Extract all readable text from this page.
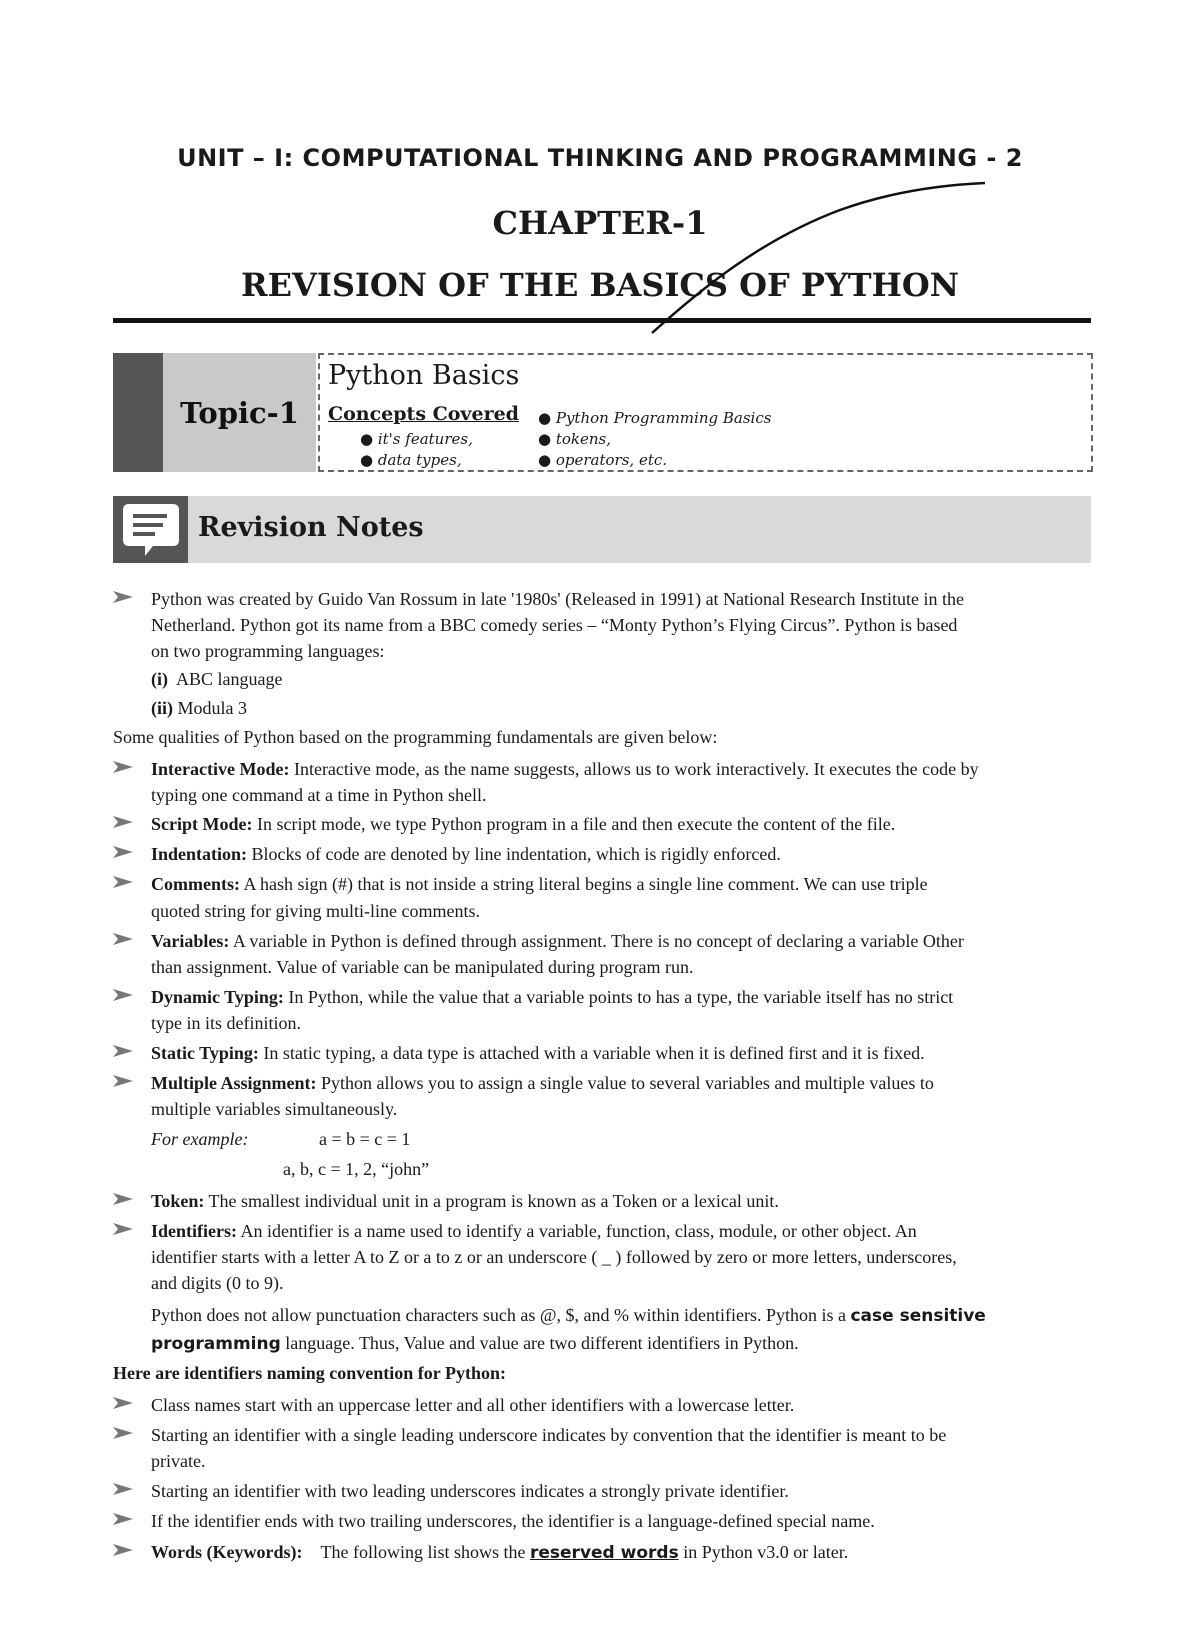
UNIT – I: COMPUTATIONAL THINKING AND PROGRAMMING - 2
CHAPTER-1
REVISION OF THE BASICS OF PYTHON
Topic-1
Python Basics
Concepts Covered ● Python Programming Basics
● it's features,	● tokens,
● data types,	● operators, etc.
Revision Notes
Python was created by Guido Van Rossum in late '1980s' (Released in 1991) at National Research Institute in the
Netherland. Python got its name from a BBC comedy series – “Monty Python’s Flying Circus”. Python is based
on two programming languages:
(i) ABC language
(ii) Modula 3
Some qualities of Python based on the programming fundamentals are given below:
Interactive Mode: Interactive mode, as the name suggests, allows us to work interactively. It executes the code by
typing one command at a time in Python shell.
Script Mode: In script mode, we type Python program in a file and then execute the content of the file.
Indentation: Blocks of code are denoted by line indentation, which is rigidly enforced.
Comments: A hash sign (#) that is not inside a string literal begins a single line comment. We can use triple
quoted string for giving multi-line comments.
Variables: A variable in Python is defined through assignment. There is no concept of declaring a variable Other
than assignment. Value of variable can be manipulated during program run.
Dynamic Typing: In Python, while the value that a variable points to has a type, the variable itself has no strict
type in its definition.
Static Typing: In static typing, a data type is attached with a variable when it is defined first and it is fixed.
Multiple Assignment: Python allows you to assign a single value to several variables and multiple values to
multiple variables simultaneously.
For example:	a = b = c = 1
a, b, c = 1, 2, “john”
Token: The smallest individual unit in a program is known as a Token or a lexical unit.
Identifiers: An identifier is a name used to identify a variable, function, class, module, or other object. An
identifier starts with a letter A to Z or a to z or an underscore ( _ ) followed by zero or more letters, underscores,
and digits (0 to 9).
Python does not allow punctuation characters such as @, $, and % within identifiers. Python is a case sensitive
programming language. Thus, Value and value are two different identifiers in Python.
Here are identifiers naming convention for Python:
Class names start with an uppercase letter and all other identifiers with a lowercase letter.
Starting an identifier with a single leading underscore indicates by convention that the identifier is meant to be
private.
Starting an identifier with two leading underscores indicates a strongly private identifier.
If the identifier ends with two trailing underscores, the identifier is a language-defined special name.
Words (Keywords): The following list shows the reserved words in Python v3.0 or later.
